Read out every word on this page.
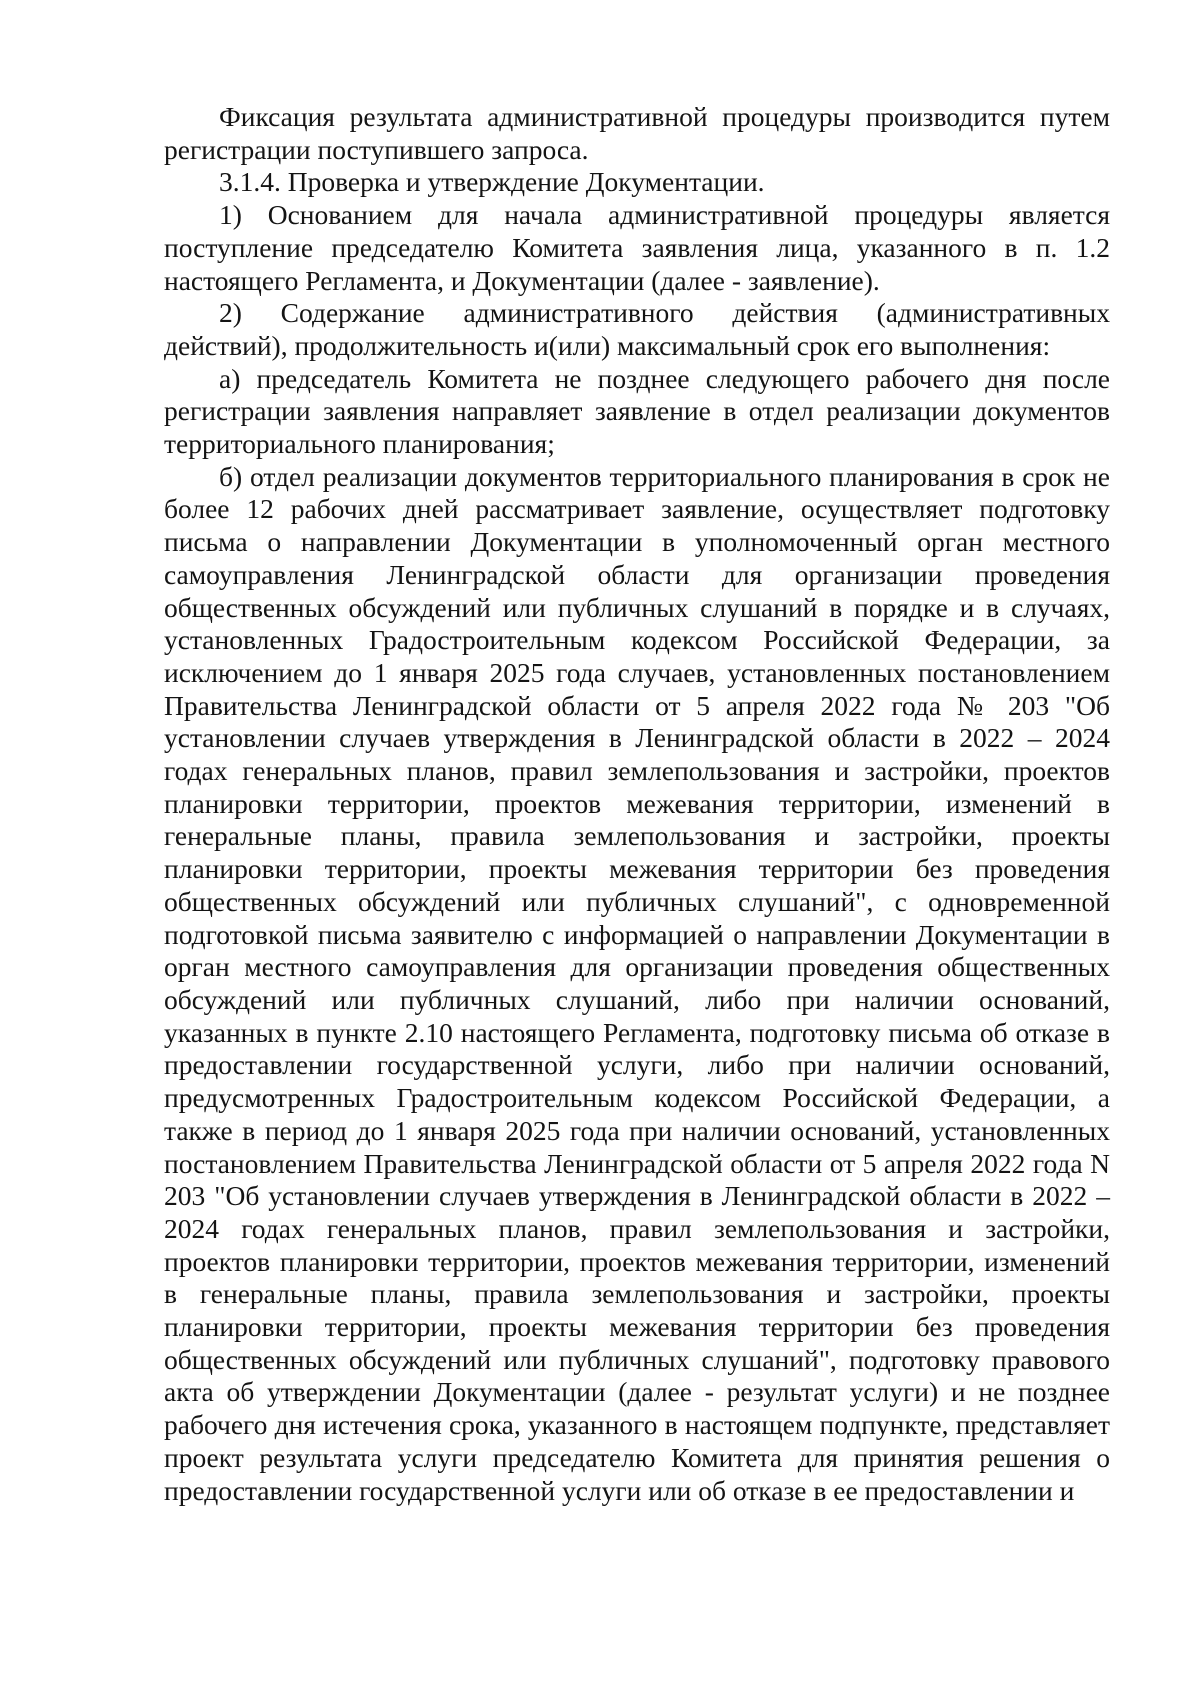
Фиксация результата административной процедуры производится путем регистрации поступившего запроса.

3.1.4. Проверка и утверждение Документации.

1) Основанием для начала административной процедуры является поступление председателю Комитета заявления лица, указанного в п. 1.2 настоящего Регламента, и Документации (далее - заявление).

2) Содержание административного действия (административных действий), продолжительность и(или) максимальный срок его выполнения:

а) председатель Комитета не позднее следующего рабочего дня после регистрации заявления направляет заявление в отдел реализации документов территориального планирования;

б) отдел реализации документов территориального планирования в срок не более 12 рабочих дней рассматривает заявление, осуществляет подготовку письма о направлении Документации в уполномоченный орган местного самоуправления Ленинградской области для организации проведения общественных обсуждений или публичных слушаний в порядке и в случаях, установленных Градостроительным кодексом Российской Федерации, за исключением до 1 января 2025 года случаев, установленных постановлением Правительства Ленинградской области от 5 апреля 2022 года № 203 "Об установлении случаев утверждения в Ленинградской области в 2022 – 2024 годах генеральных планов, правил землепользования и застройки, проектов планировки территории, проектов межевания территории, изменений в генеральные планы, правила землепользования и застройки, проекты планировки территории, проекты межевания территории без проведения общественных обсуждений или публичных слушаний", с одновременной подготовкой письма заявителю с информацией о направлении Документации в орган местного самоуправления для организации проведения общественных обсуждений или публичных слушаний, либо при наличии оснований, указанных в пункте 2.10 настоящего Регламента, подготовку письма об отказе в предоставлении государственной услуги, либо при наличии оснований, предусмотренных Градостроительным кодексом Российской Федерации, а также в период до 1 января 2025 года при наличии оснований, установленных постановлением Правительства Ленинградской области от 5 апреля 2022 года N 203 "Об установлении случаев утверждения в Ленинградской области в 2022 – 2024 годах генеральных планов, правил землепользования и застройки, проектов планировки территории, проектов межевания территории, изменений в генеральные планы, правила землепользования и застройки, проекты планировки территории, проекты межевания территории без проведения общественных обсуждений или публичных слушаний", подготовку правового акта об утверждении Документации (далее - результат услуги) и не позднее рабочего дня истечения срока, указанного в настоящем подпункте, представляет проект результата услуги председателю Комитета для принятия решения о предоставлении государственной услуги или об отказе в ее предоставлении и
